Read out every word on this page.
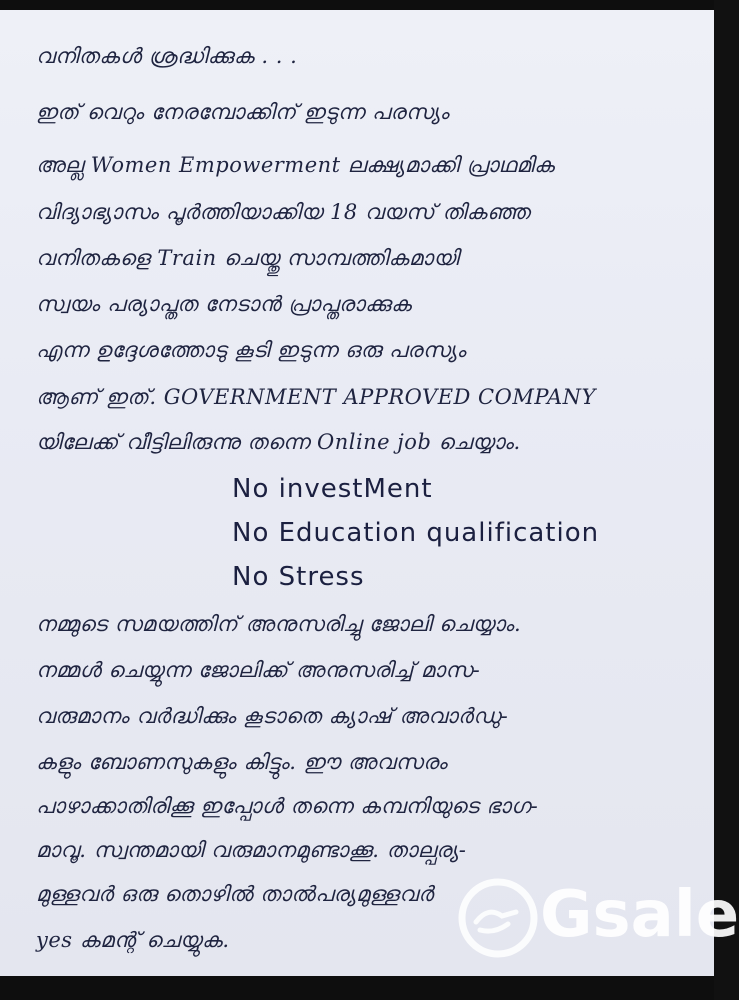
വനിതകൾ ശ്രദ്ധിക്കുക . . .
ഇത് വെറും നേരമ്പോക്കിന് ഇടുന്ന പരസ്യം
അല്ല Women Empowerment ലക്ഷ്യമാക്കി പ്രാഥമിക
വിദ്യാഭ്യാസം പൂർത്തിയാക്കിയ 18 വയസ് തികഞ്ഞ
വനിതകളെ Train ചെയ്തു സാമ്പത്തികമായി
സ്വയം പര്യാപ്തത നേടാൻ പ്രാപ്തരാക്കുക
എന്ന ഉദ്ദേശത്തോടു കൂടി ഇടുന്ന ഒരു പരസ്യം
ആണ് ഇത്. GOVERNMENT APPROVED COMPANY
യിലേക്ക് വീട്ടിലിരുന്നു തന്നെ Online job ചെയ്യാം.
No investMent
No Education qualification
No Stress
നമ്മുടെ സമയത്തിന് അനുസരിച്ചു ജോലി ചെയ്യാം.
നമ്മൾ ചെയ്യുന്ന ജോലിക്ക് അനുസരിച്ച് മാസ-
വരുമാനം വർദ്ധിക്കും കൂടാതെ ക്യാഷ് അവാർഡു-
കളും ബോണസുകളും കിട്ടും. ഈ അവസരം
പാഴാക്കാതിരിക്കൂ ഇപ്പോൾ തന്നെ കമ്പനിയുടെ ഭാഗ-
മാവൂ. സ്വന്തമായി വരുമാനമുണ്ടാക്കൂ. താല്പര്യ-
മുള്ളവർ ഒരു തൊഴിൽ താൽപര്യമുള്ളവർ
yes കമന്റ് ചെയ്യുക.	Gsale
